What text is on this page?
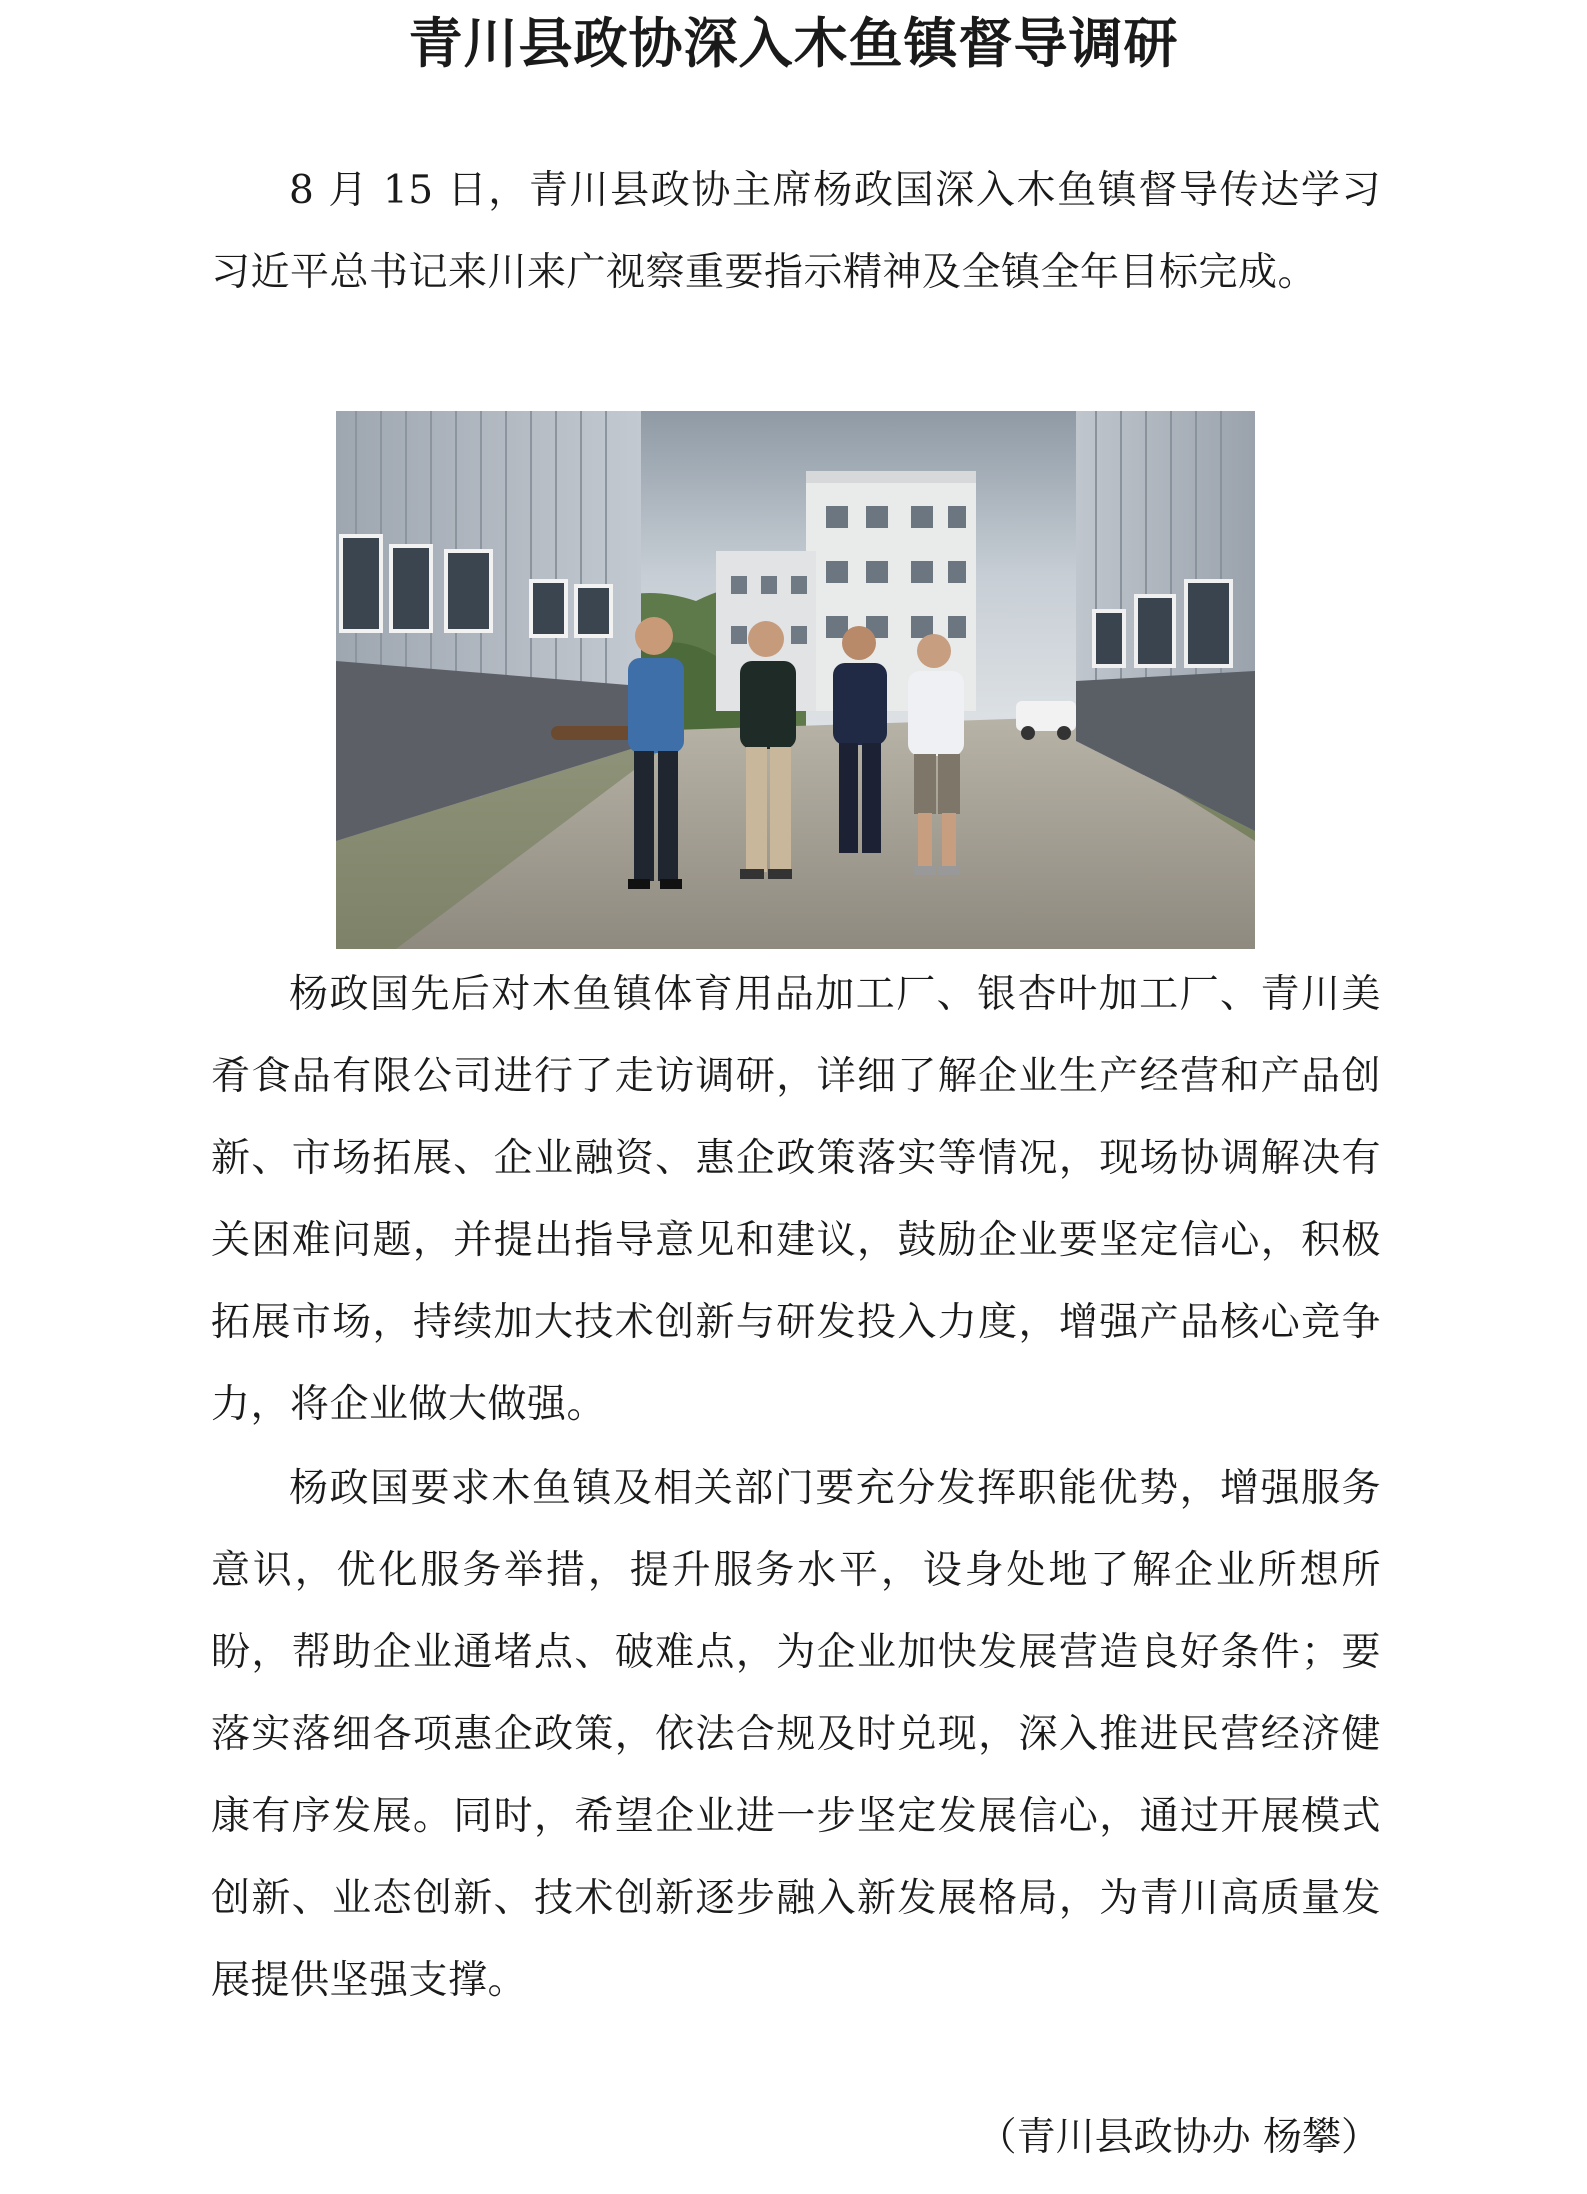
青川县政协深入木鱼镇督导调研

8 月 15 日，青川县政协主席杨政国深入木鱼镇督导传达学习习近平总书记来川来广视察重要指示精神及全镇全年目标完成。

杨政国先后对木鱼镇体育用品加工厂、银杏叶加工厂、青川美肴食品有限公司进行了走访调研，详细了解企业生产经营和产品创新、市场拓展、企业融资、惠企政策落实等情况，现场协调解决有关困难问题，并提出指导意见和建议，鼓励企业要坚定信心，积极拓展市场，持续加大技术创新与研发投入力度，增强产品核心竞争力，将企业做大做强。

杨政国要求木鱼镇及相关部门要充分发挥职能优势，增强服务意识，优化服务举措，提升服务水平，设身处地了解企业所想所盼，帮助企业通堵点、破难点，为企业加快发展营造良好条件；要落实落细各项惠企政策，依法合规及时兑现，深入推进民营经济健康有序发展。同时，希望企业进一步坚定发展信心，通过开展模式创新、业态创新、技术创新逐步融入新发展格局，为青川高质量发展提供坚强支撑。

（青川县政协办 杨攀）
